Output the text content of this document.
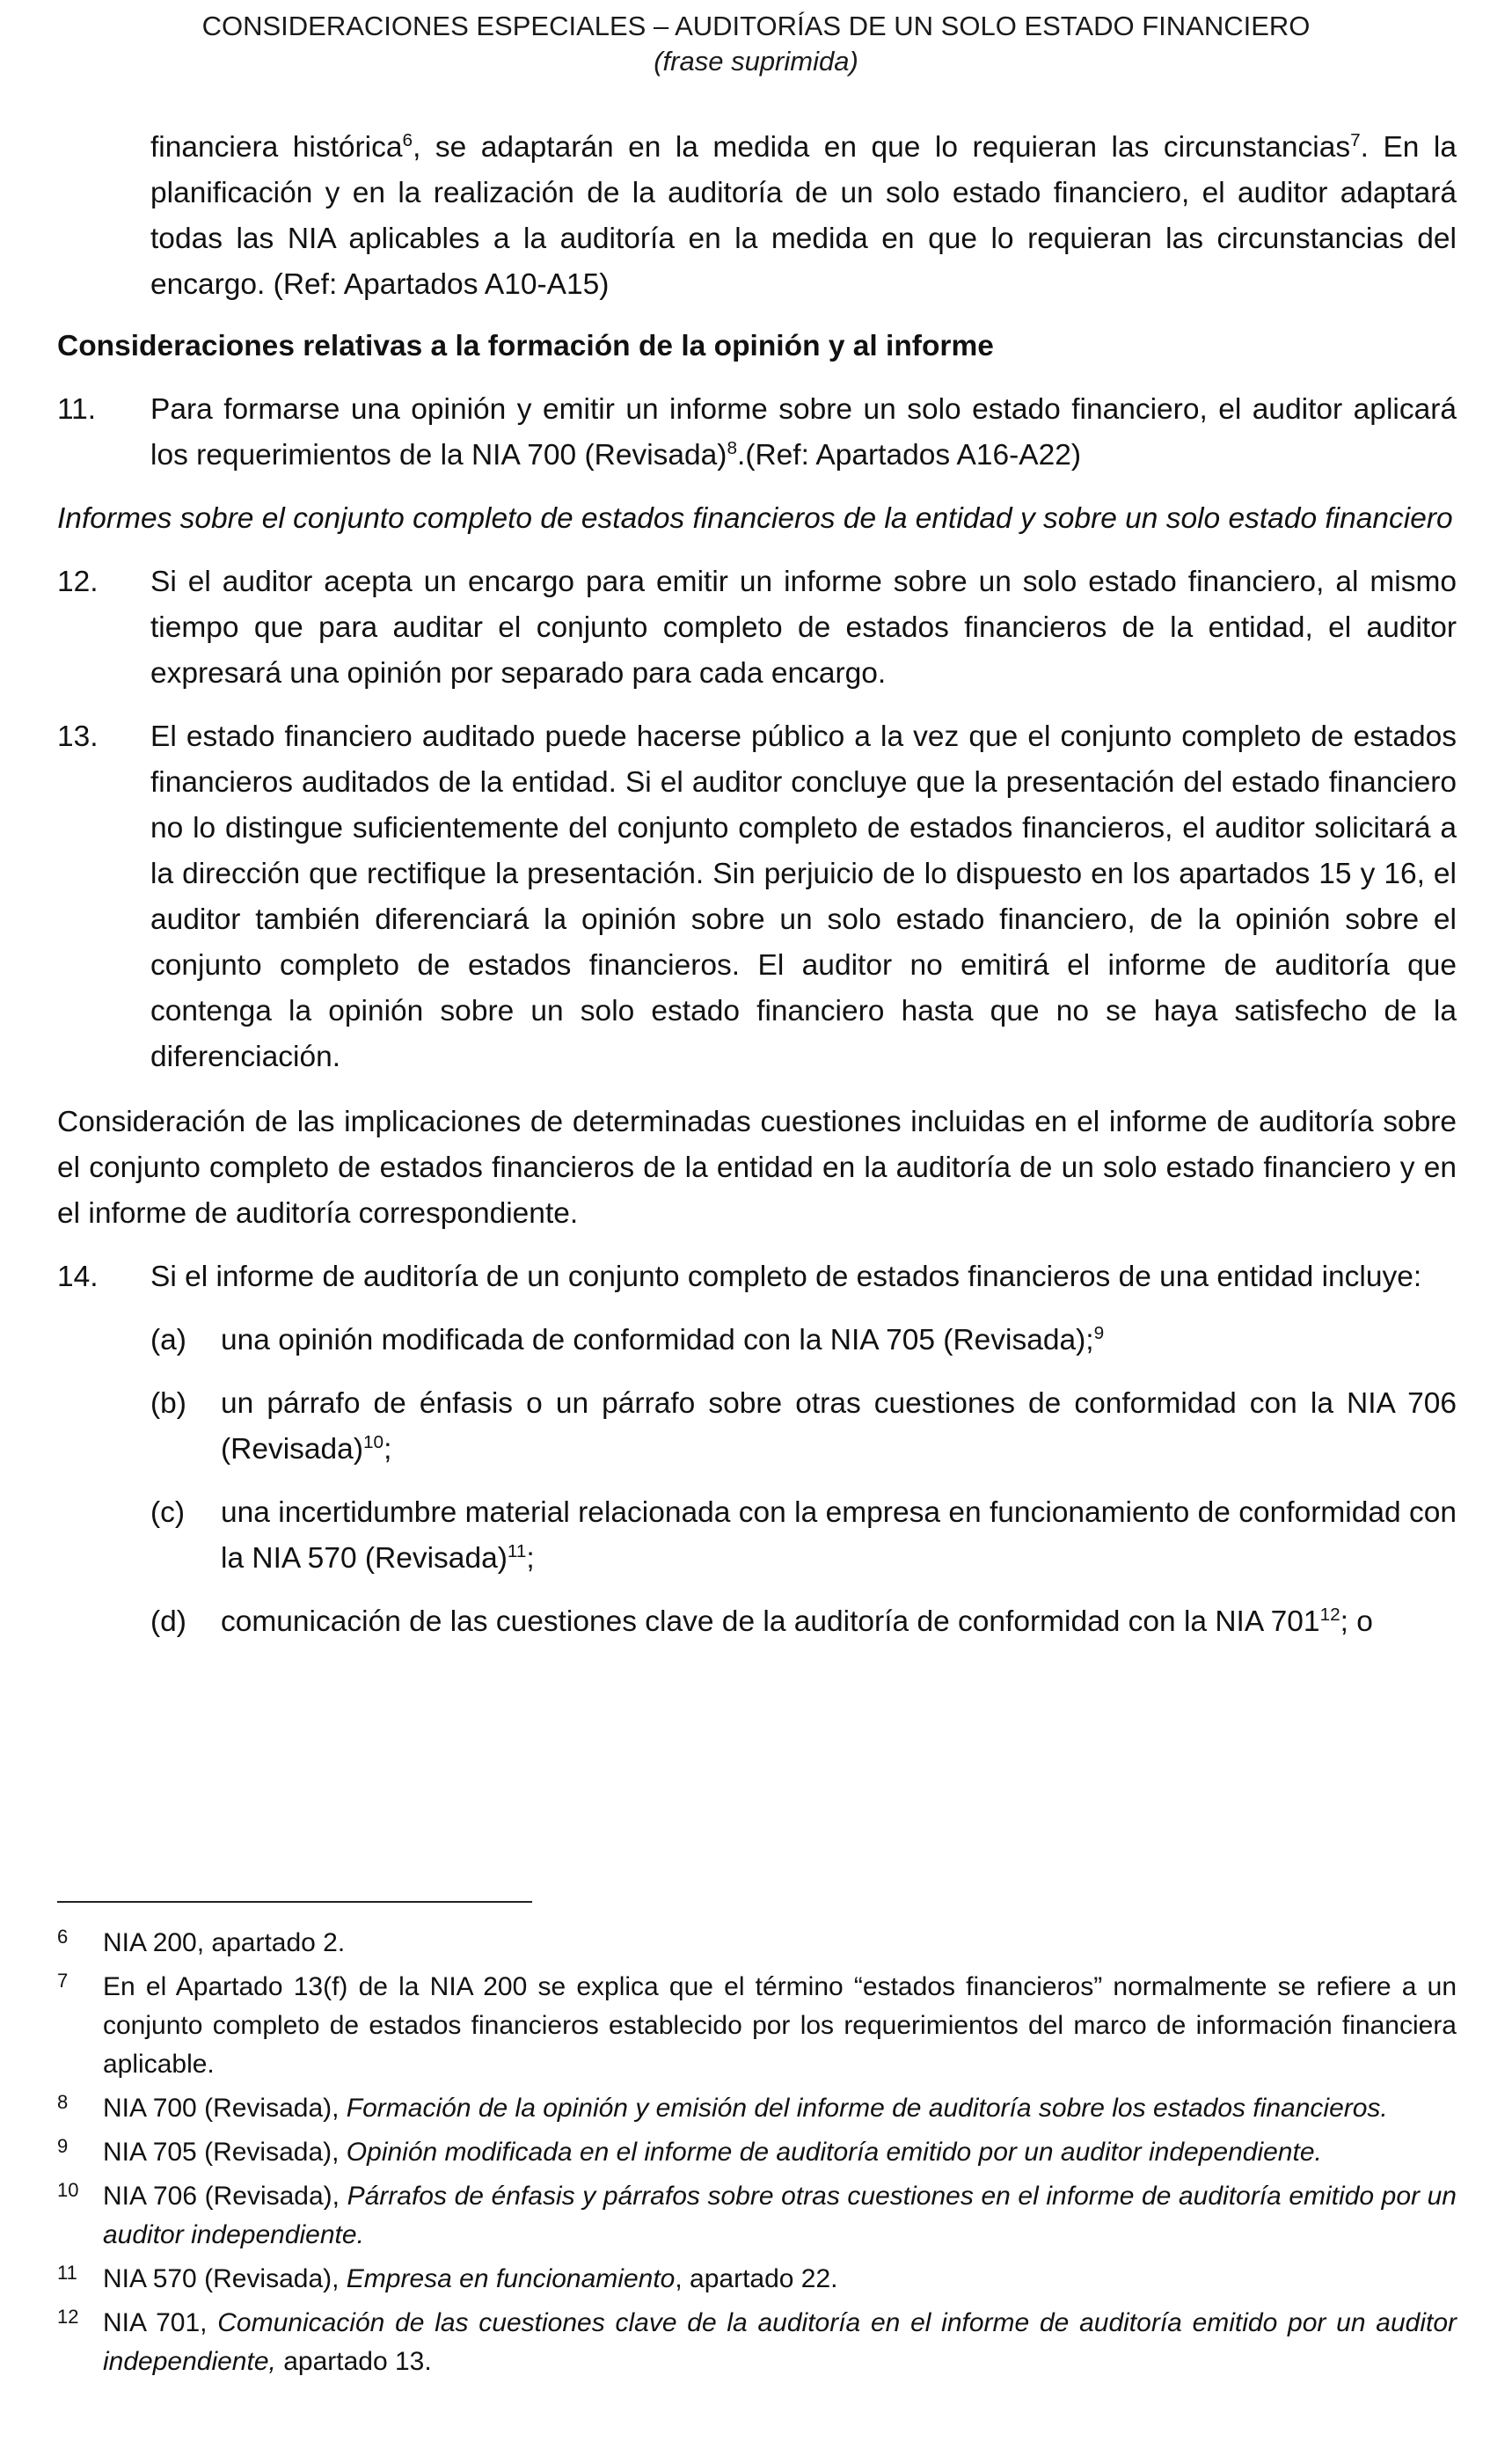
CONSIDERACIONES ESPECIALES – AUDITORÍAS DE UN SOLO ESTADO FINANCIERO
(frase suprimida)
financiera histórica$^6$, se adaptarán en la medida en que lo requieran las circunstancias$^7$. En la planificación y en la realización de la auditoría de un solo estado financiero, el auditor adaptará todas las NIA aplicables a la auditoría en la medida en que lo requieran las circunstancias del encargo. (Ref: Apartados A10-A15)
Consideraciones relativas a la formación de la opinión y al informe
11.	Para formarse una opinión y emitir un informe sobre un solo estado financiero, el auditor aplicará los requerimientos de la NIA 700 (Revisada)$^8$.(Ref: Apartados A16-A22)
Informes sobre el conjunto completo de estados financieros de la entidad y sobre un solo estado financiero
12.	Si el auditor acepta un encargo para emitir un informe sobre un solo estado financiero, al mismo tiempo que para auditar el conjunto completo de estados financieros de la entidad, el auditor expresará una opinión por separado para cada encargo.
13.	El estado financiero auditado puede hacerse público a la vez que el conjunto completo de estados financieros auditados de la entidad. Si el auditor concluye que la presentación del estado financiero no lo distingue suficientemente del conjunto completo de estados financieros, el auditor solicitará a la dirección que rectifique la presentación. Sin perjuicio de lo dispuesto en los apartados 15 y 16, el auditor también diferenciará la opinión sobre un solo estado financiero, de la opinión sobre el conjunto completo de estados financieros. El auditor no emitirá el informe de auditoría que contenga la opinión sobre un solo estado financiero hasta que no se haya satisfecho de la diferenciación.
Consideración de las implicaciones de determinadas cuestiones incluidas en el informe de auditoría sobre el conjunto completo de estados financieros de la entidad en la auditoría de un solo estado financiero y en el informe de auditoría correspondiente.
14.	Si el informe de auditoría de un conjunto completo de estados financieros de una entidad incluye:
(a)	una opinión modificada de conformidad con la NIA 705 (Revisada);$^9$
(b)	un párrafo de énfasis o un párrafo sobre otras cuestiones de conformidad con la NIA 706 (Revisada)$^{10}$;
(c)	una incertidumbre material relacionada con la empresa en funcionamiento de conformidad con la NIA 570 (Revisada)$^{11}$;
(d)	comunicación de las cuestiones clave de la auditoría de conformidad con la NIA $701^{12}$; o
6	NIA 200, apartado 2.
7	En el Apartado 13(f) de la NIA 200 se explica que el término “estados financieros” normalmente se refiere a un conjunto completo de estados financieros establecido por los requerimientos del marco de información financiera aplicable.
8	NIA 700 (Revisada), Formación de la opinión y emisión del informe de auditoría sobre los estados financieros.
9	NIA 705 (Revisada), Opinión modificada en el informe de auditoría emitido por un auditor independiente.
10 NIA 706 (Revisada), Párrafos de énfasis y párrafos sobre otras cuestiones en el informe de auditoría emitido por un auditor independiente.
11 NIA 570 (Revisada), Empresa en funcionamiento, apartado 22.
12 NIA 701, Comunicación de las cuestiones clave de la auditoría en el informe de auditoría emitido por un auditor independiente, apartado 13.
